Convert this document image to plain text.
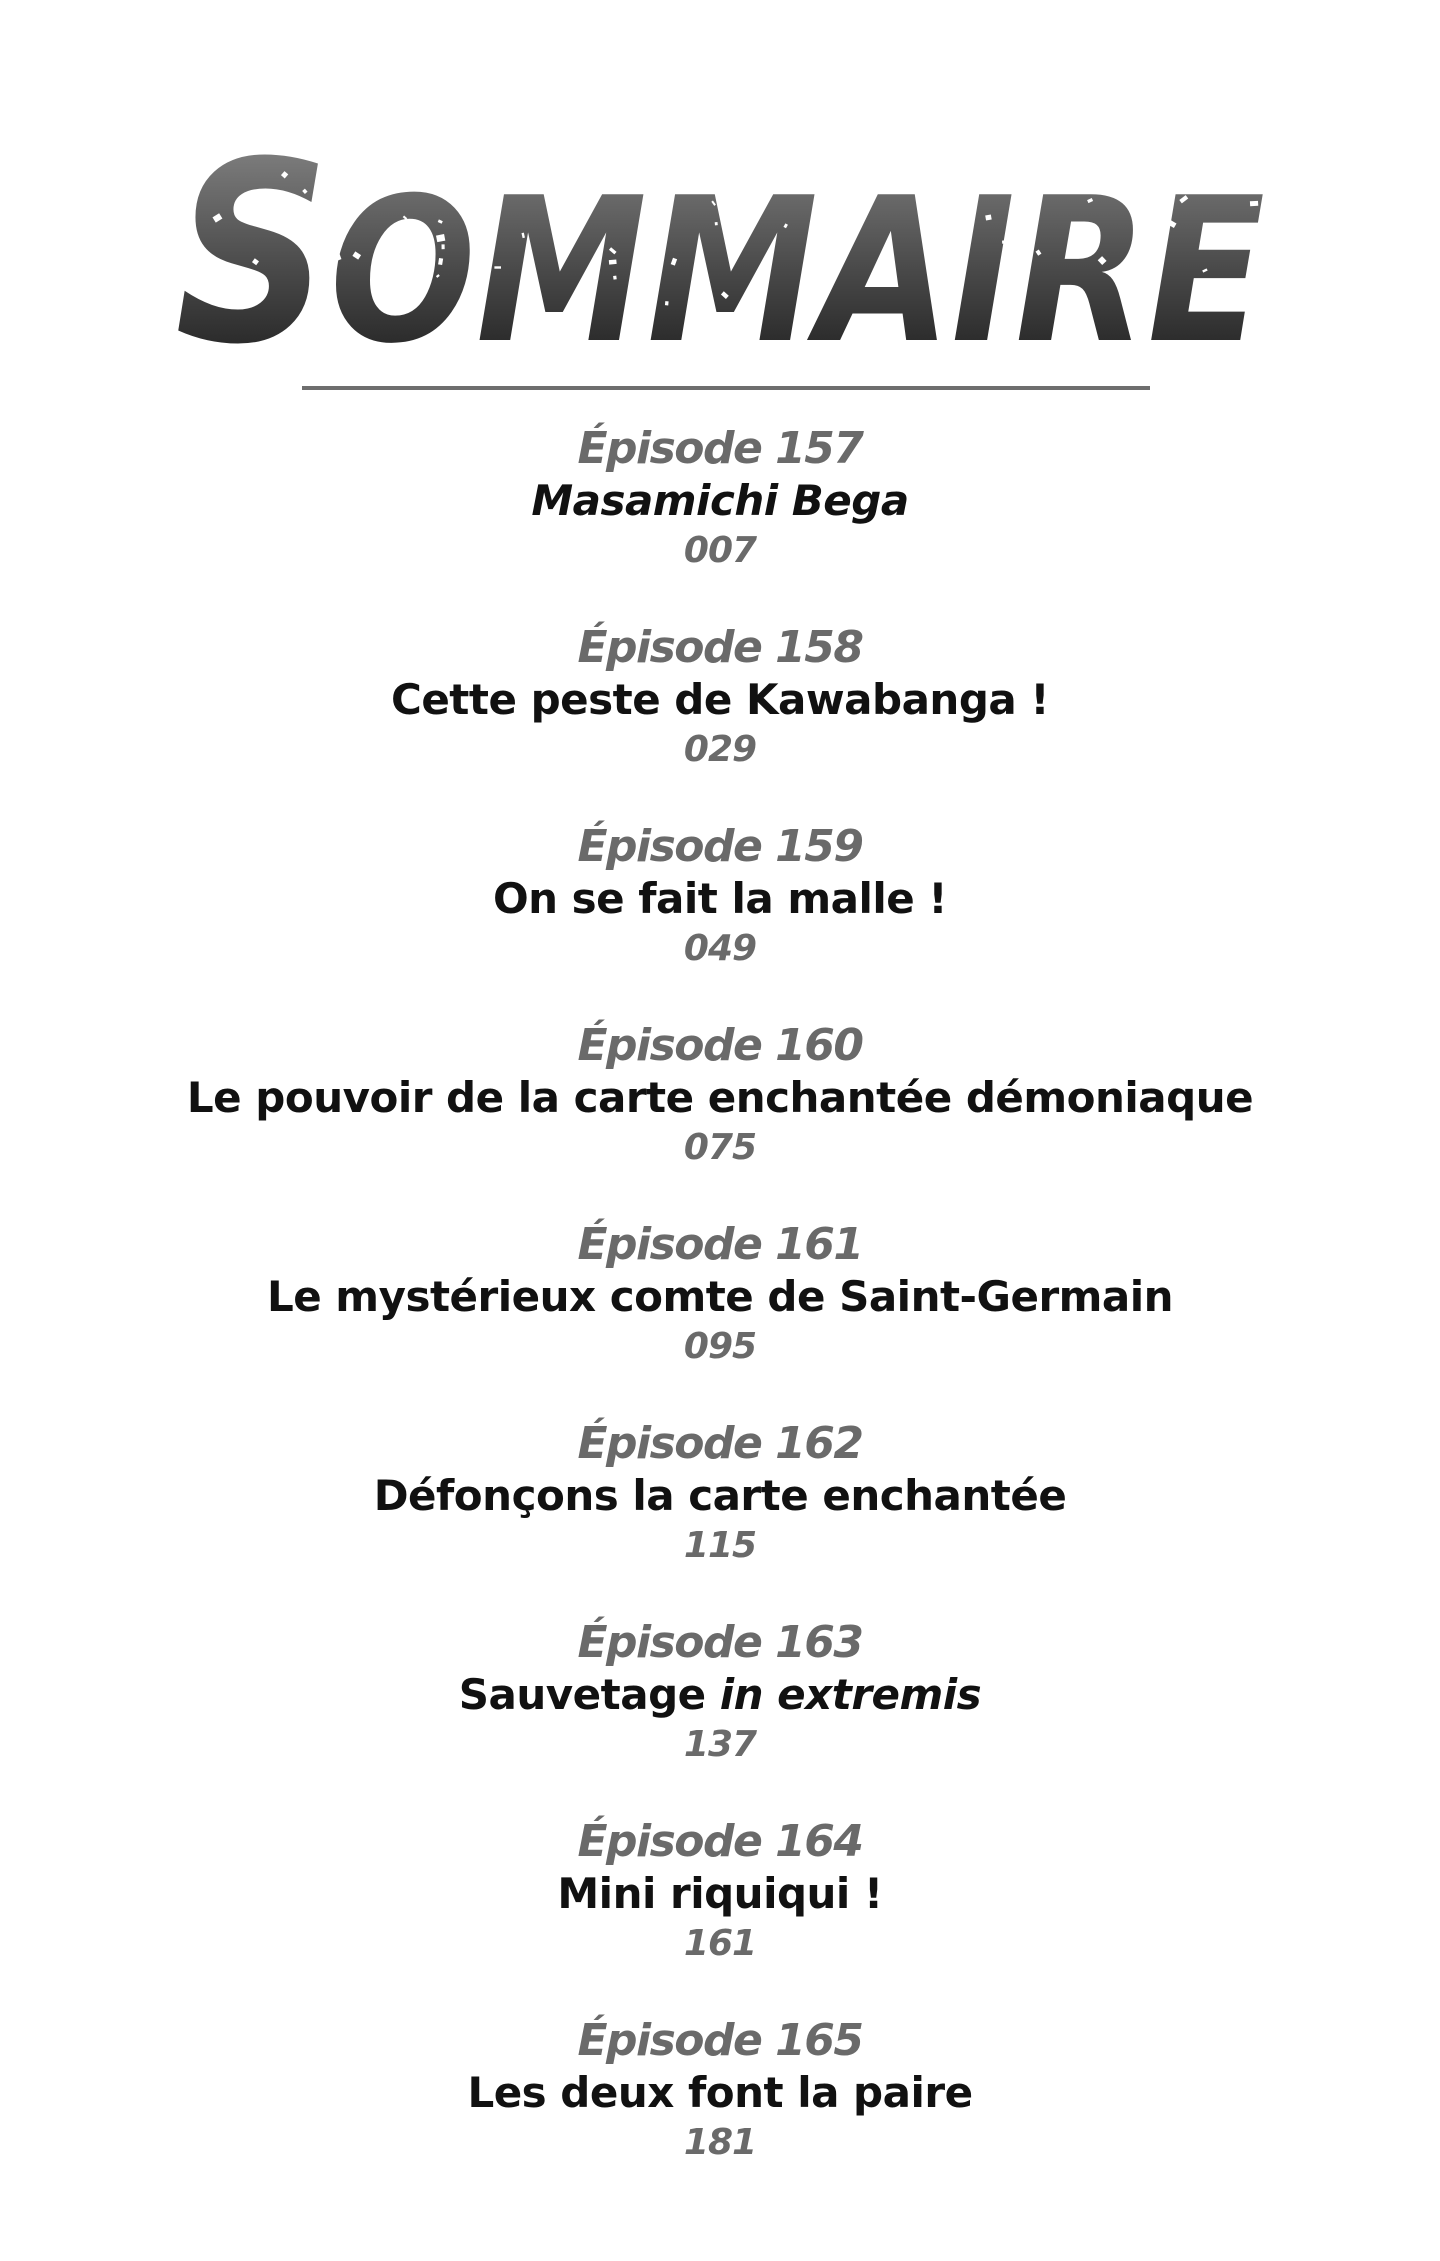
SOMMAIRE
Épisode 157
Masamichi Bega
007
Épisode 158
Cette peste de Kawabanga !
029
Épisode 159
On se fait la malle !
049
Épisode 160
Le pouvoir de la carte enchantée démoniaque
075
Épisode 161
Le mystérieux comte de Saint-Germain
095
Épisode 162
Défonçons la carte enchantée
115
Épisode 163
Sauvetage in extremis
137
Épisode 164
Mini riquiqui !
161
Épisode 165
Les deux font la paire
181
